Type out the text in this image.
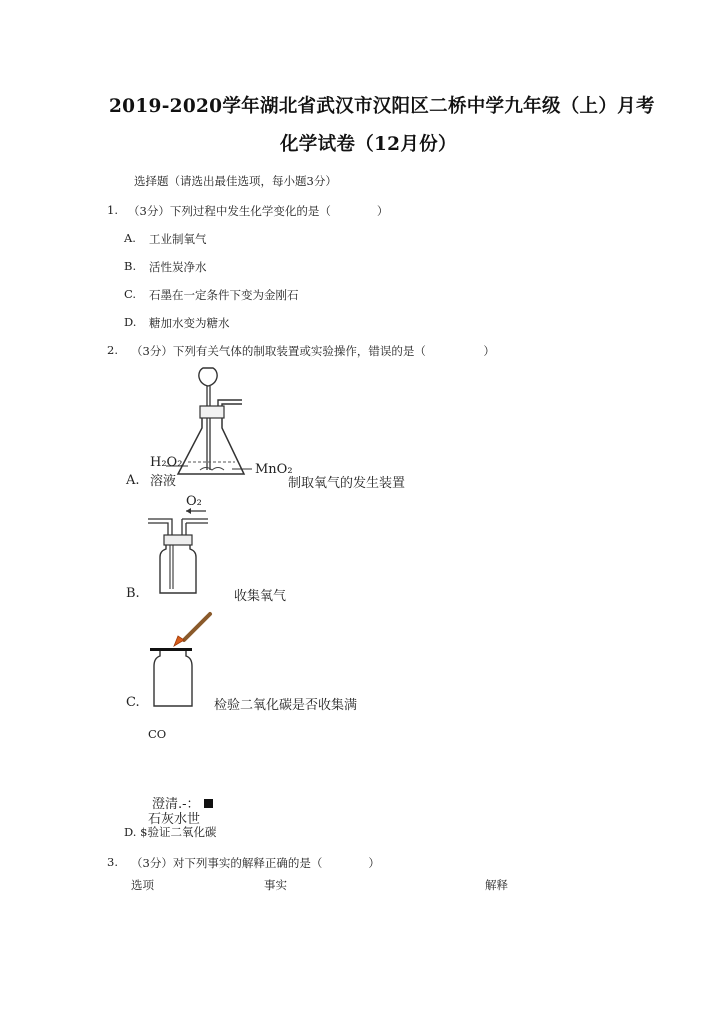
2019-2020学年湖北省武汉市汉阳区二桥中学九年级（上）月考
化学试卷（12月份）
选择题（请选出最佳选项，每小题3分）
1. （3分）下列过程中发生化学变化的是（　　　　）
A. 工业制氧气
B. 活性炭净水
C. 石墨在一定条件下变为金刚石
D. 糖加水变为糖水
2. （3分）下列有关气体的制取装置或实验操作，错误的是（　　　　　）
H₂O₂
溶液
MnO₂
A.	制取氧气的发生装置
O₂
B.	收集氧气
C.	检验二氧化碳是否收集满
CO
澄清.-：
石灰水世
D. $验证二氧化碳
3. （3分）对下列事实的解释正确的是（　　　　）
选项	事实	解释
